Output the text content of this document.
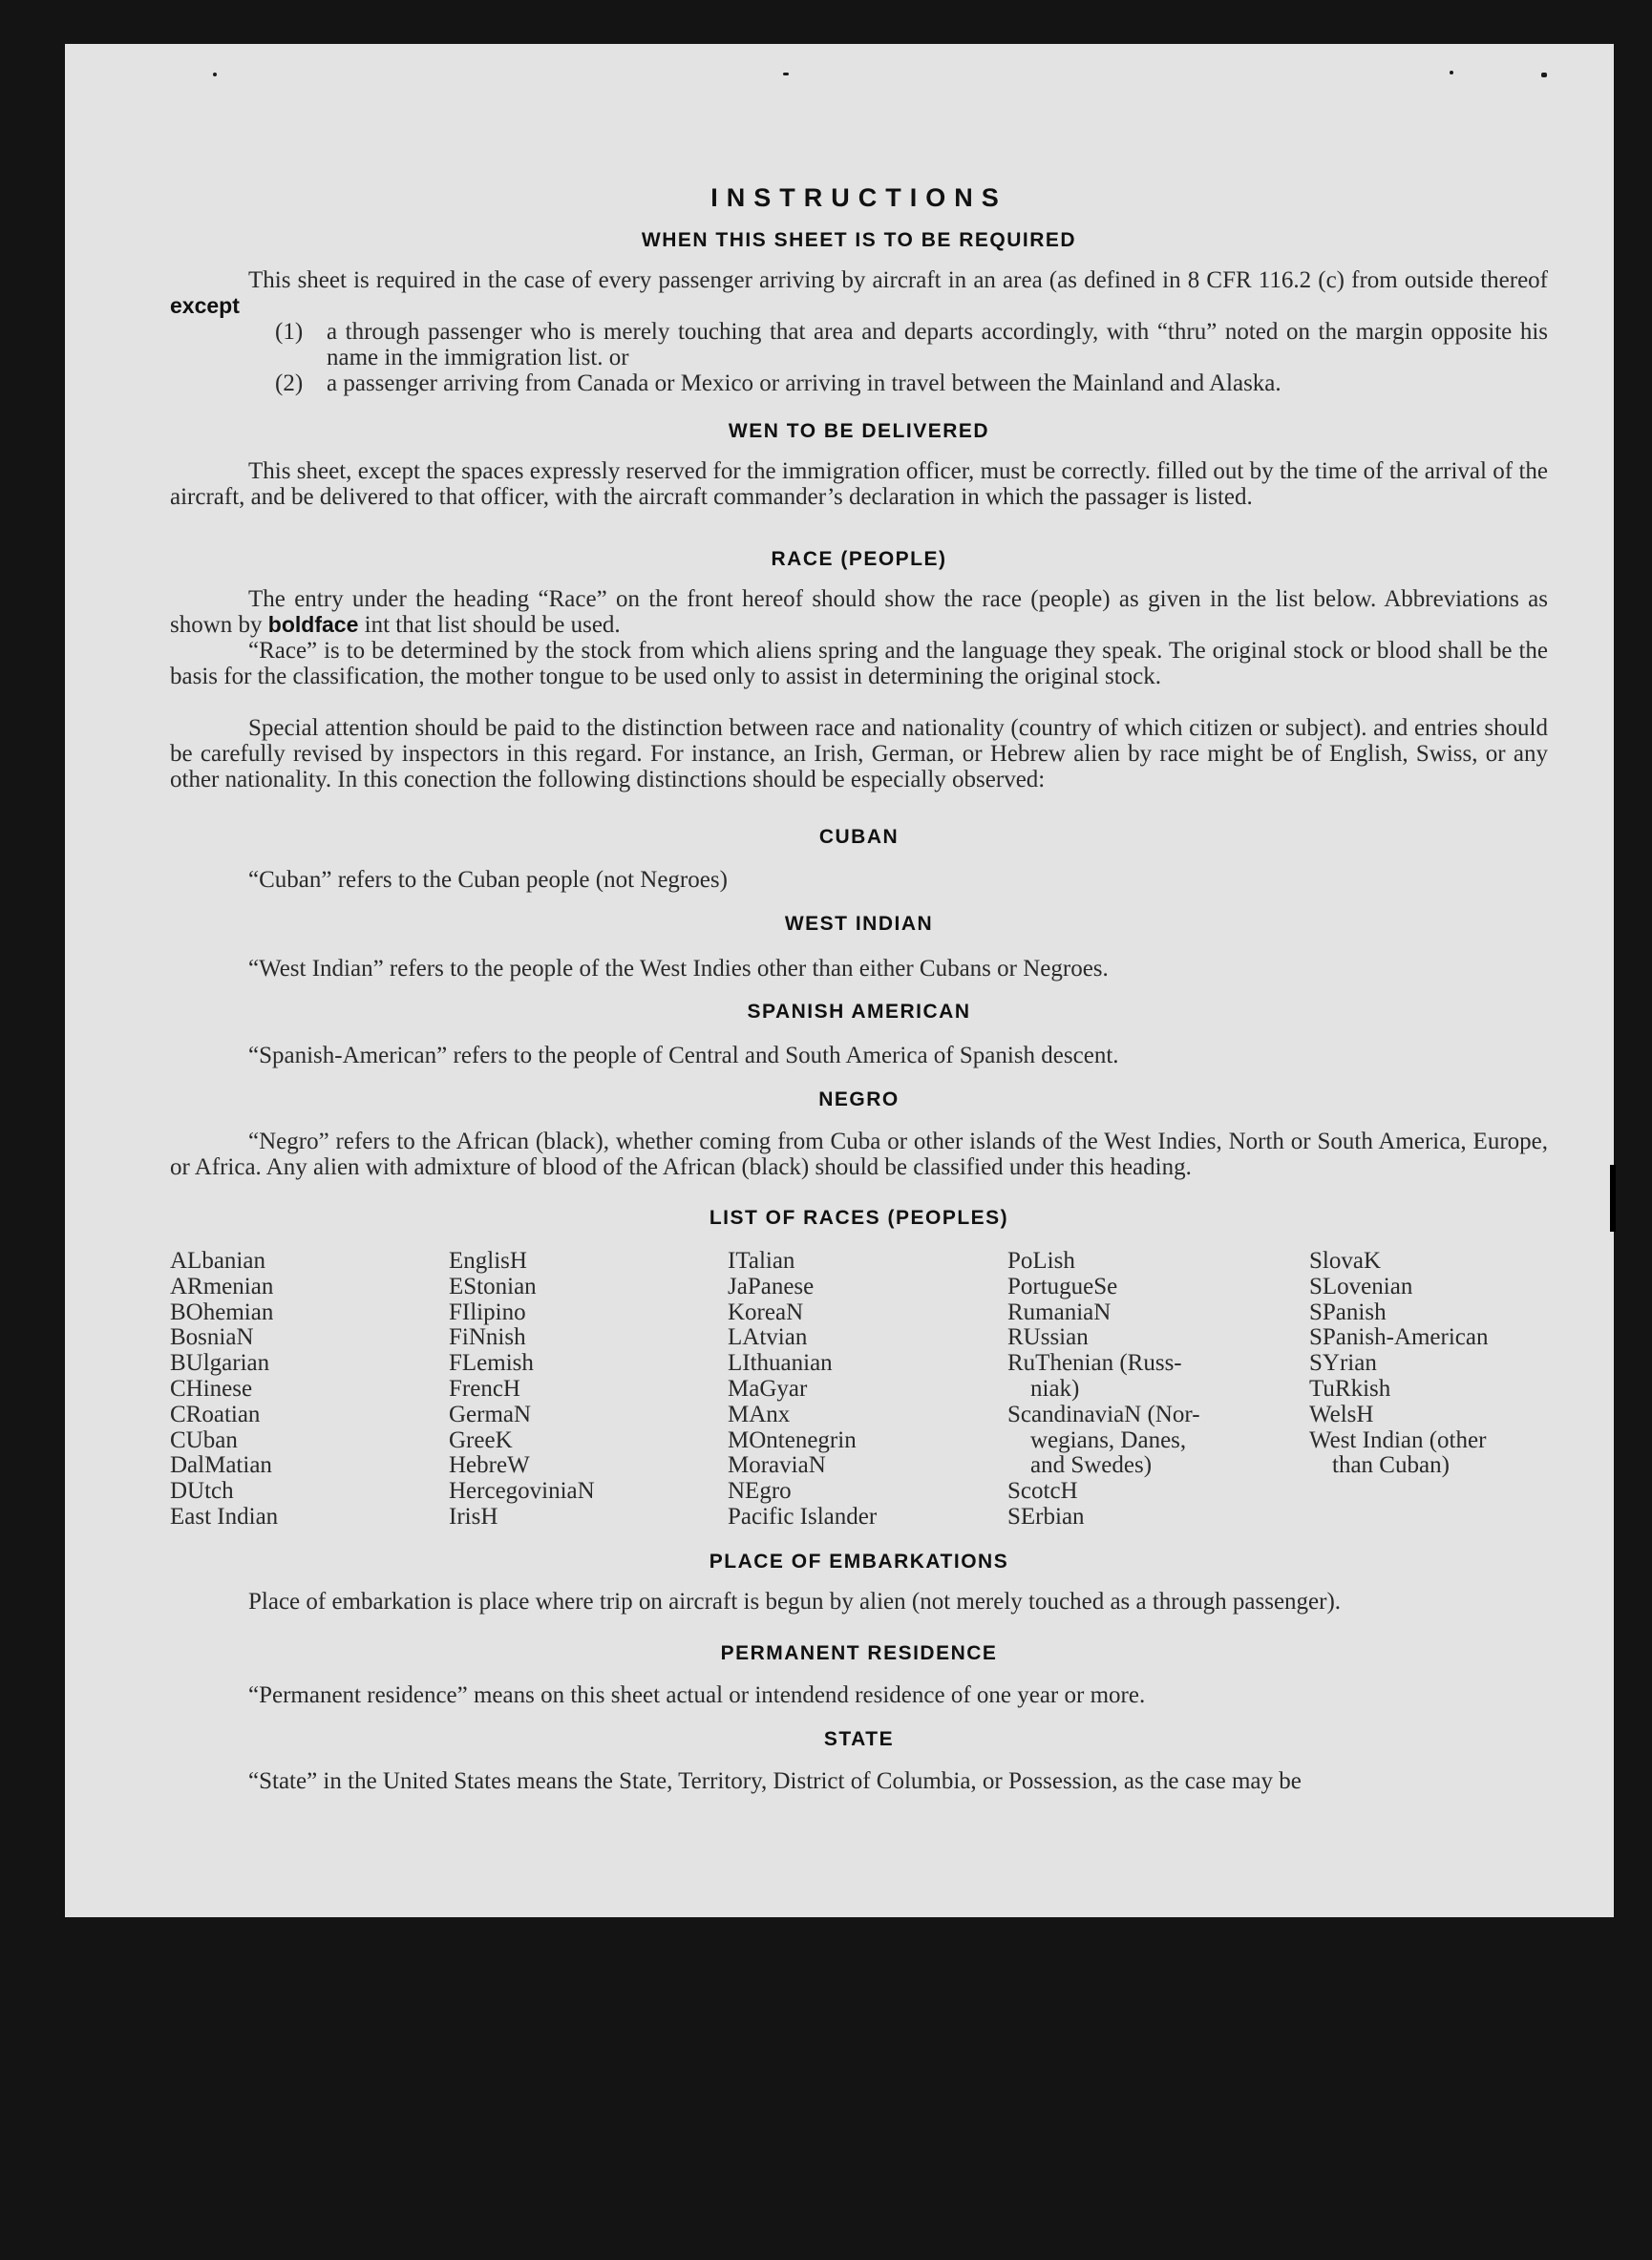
INSTRUCTIONS
WHEN THIS SHEET IS TO BE REQUIRED
This sheet is required in the case of every passenger arriving by aircraft in an area (as defined in 8 CFR 116.2 (c) from outside thereof except
(1) a through passenger who is merely touching that area and departs accordingly, with “thru” noted on the margin opposite his name in the immigration list. or
(2) a passenger arriving from Canada or Mexico or arriving in travel between the Mainland and Alaska.
WEN TO BE DELIVERED
This sheet, except the spaces expressly reserved for the immigration officer, must be correctly. filled out by the time of the arrival of the aircraft, and be delivered to that officer, with the aircraft commander’s declaration in which the passager is listed.
RACE (PEOPLE)
The entry under the heading “Race” on the front hereof should show the race (people) as given in the list below. Abbreviations as shown by boldface int that list should be used.
“Race” is to be determined by the stock from which aliens spring and the language they speak. The original stock or blood shall be the basis for the classification, the mother tongue to be used only to assist in determining the original stock.
Special attention should be paid to the distinction between race and nationality (country of which citizen or subject). and entries should be carefully revised by inspectors in this regard. For instance, an Irish, German, or Hebrew alien by race might be of English, Swiss, or any other nationality. In this conection the following distinctions should be especially observed:
CUBAN
“Cuban” refers to the Cuban people (not Negroes)
WEST INDIAN
“West Indian” refers to the people of the West Indies other than either Cubans or Negroes.
SPANISH AMERICAN
“Spanish-American” refers to the people of Central and South America of Spanish descent.
NEGRO
“Negro” refers to the African (black), whether coming from Cuba or other islands of the West Indies, North or South America, Europe, or Africa. Any alien with admixture of blood of the African (black) should be classified under this heading.
LIST OF RACES (PEOPLES)
ALbanian
ARmenian
BOhemian
BosniaN
BUlgarian
CHinese
CRoatian
CUban
DalMatian
DUtch
East Indian
EnglisH
EStonian
FIlipino
FiNnish
FLemish
FrencH
GermaN
GreeK
HebreW
HercegoviniaN
IrisH
ITalian
JaPanese
KoreaN
LAtvian
LIthuanian
MaGyar
MAnx
MOntenegrin
MoraviaN
NEgro
Pacific Islander
PoLish
PortugueSe
RumaniaN
RUssian
RuThenian (Russ-
niak)
ScandinaviaN (Nor-
wegians, Danes,
and Swedes)
ScotcH
SErbian
SlovaK
SLovenian
SPanish
SPanish-American
SYrian
TuRkish
WelsH
West Indian (other
than Cuban)
PLACE OF EMBARKATIONS
Place of embarkation is place where trip on aircraft is begun by alien (not merely touched as a through passenger).
PERMANENT RESIDENCE
“Permanent residence” means on this sheet actual or intendend residence of one year or more.
STATE
“State” in the United States means the State, Territory, District of Columbia, or Possession, as the case may be
